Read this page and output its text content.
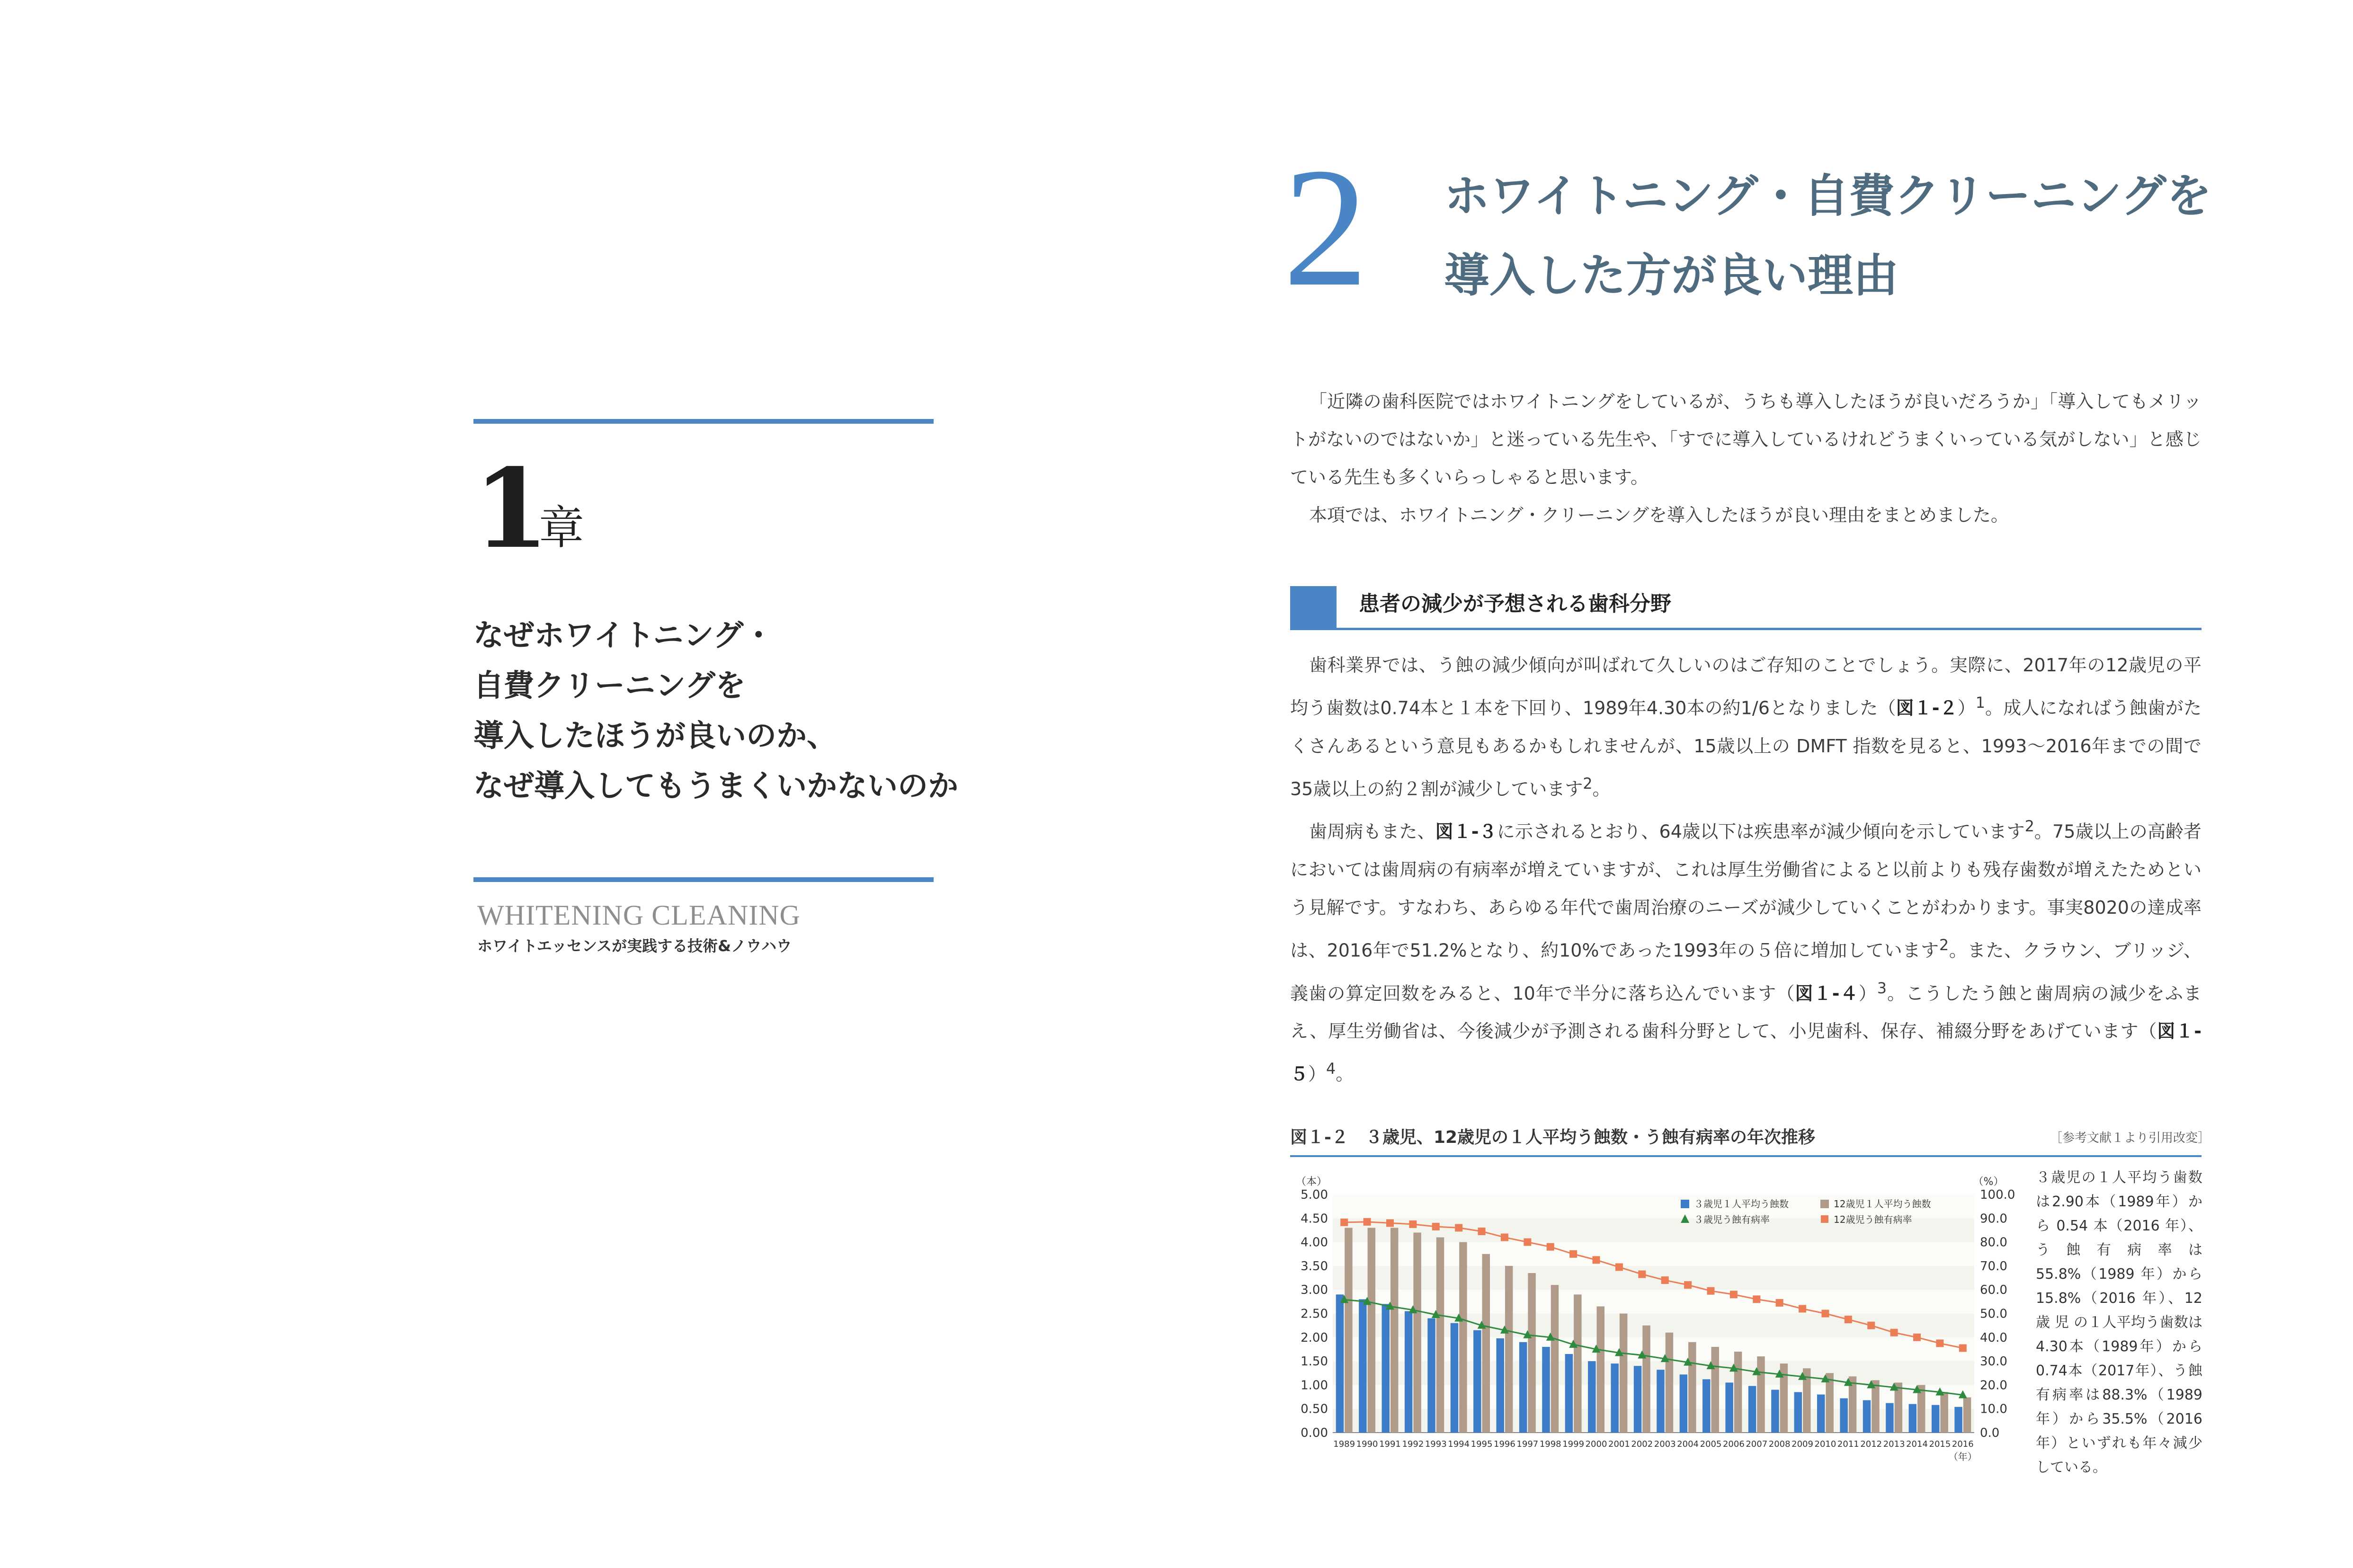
1
章
なぜホワイトニング・
自費クリーニングを
導入したほうが良いのか、
なぜ導入してもうまくいかないのか
WHITENING CLEANING
ホワイトエッセンスが実践する技術&ノウハウ
2 ホワイトニング・自費クリーニングを
導入した方が良い理由

「近隣の歯科医院ではホワイトニングをしているが、うちも導入したほうが良いだろうか」「導入してもメリットがないのではないか」と迷っている先生や、「すでに導入しているけれどうまくいっている気がしない」と感じている先生も多くいらっしゃると思います。

本項では、ホワイトニング・クリーニングを導入したほうが良い理由をまとめました。

患者の減少が予想される歯科分野

歯科業界では、う蝕の減少傾向が叫ばれて久しいのはご存知のことでしょう。実際に、2017年の12歳児の平均う歯数は0.74本と１本を下回り、1989年4.30本の約1/6となりました（図１-２）$^1$。成人になればう蝕歯がたくさんあるという意見もあるかもしれませんが、15歳以上の DMFT 指数を見ると、1993〜2016年までの間で35歳以上の約２割が減少しています$^2$。

歯周病もまた、図１-３に示されるとおり、64歳以下は疾患率が減少傾向を示しています$^2$。75歳以上の高齢者においては歯周病の有病率が増えていますが、これは厚生労働省によると以前よりも残存歯数が増えたためという見解です。すなわち、あらゆる年代で歯周治療のニーズが減少していくことがわかります。事実8020の達成率は、2016年で51.2%となり、約10%であった1993年の５倍に増加しています$^2$。また、クラウン、ブリッジ、義歯の算定回数をみると、10年で半分に落ち込んでいます（図１-４）$^3$。こうしたう蝕と歯周病の減少をふまえ、厚生労働省は、今後減少が予測される歯科分野として、小児歯科、保存、補綴分野をあげています（図１-５）$^4$。

図１-２　３歳児、12歳児の１人平均う蝕数・う蝕有病率の年次推移	［参考文献１より引用改変］
0.00
0.50
1.00
1.50
2.00
2.50
3.00
3.50
4.00
4.50
5.00
0.0
10.0
20.0
30.0
40.0
50.0
60.0
70.0
80.0
90.0
100.0
（本）	（%）
1989 1990 1991 1992 1993 1994 1995 1996 1997 1998 1999 2000 2001 2002 2003 2004 2005 2006 2007 2008 2009 2010 2011 2012 2013 2014 2015 2016
（年）
３歳児１人平均う蝕数	12歳児１人平均う蝕数
３歳児う蝕有病率	12歳児う蝕有病率
３歳児の１人平均う歯数は2.90本（1989年）から 0.54 本（2016 年）、う 蝕 有 病 率 は 55.8%（1989 年）から 15.8%（2016 年）、12 歳 児 の１人平均う歯数は4.30本（1989年）から0.74本（2017年）、う蝕有病率は88.3%（1989年）から35.5%（2016年）といずれも年々減少している。
